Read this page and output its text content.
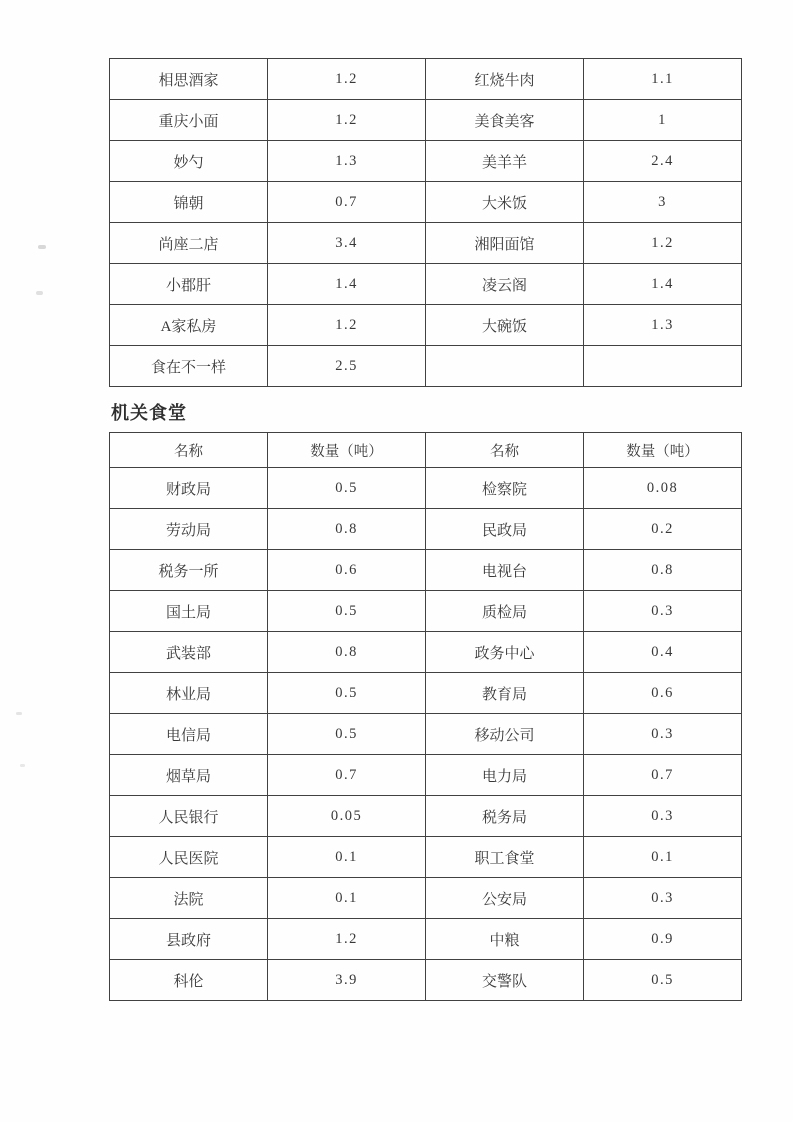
相思酒家	1.2	红烧牛肉	1.1
重庆小面	1.2	美食美客	1
妙勺	1.3	美羊羊	2.4
锦朝	0.7	大米饭	3
尚座二店	3.4	湘阳面馆	1.2
小郡肝	1.4	凌云阁	1.4
A家私房	1.2	大碗饭	1.3
食在不一样	2.5		
机关食堂
名称	数量（吨）	名称	数量（吨）
财政局	0.5	检察院	0.08
劳动局	0.8	民政局	0.2
税务一所	0.6	电视台	0.8
国土局	0.5	质检局	0.3
武装部	0.8	政务中心	0.4
林业局	0.5	教育局	0.6
电信局	0.5	移动公司	0.3
烟草局	0.7	电力局	0.7
人民银行	0.05	税务局	0.3
人民医院	0.1	职工食堂	0.1
法院	0.1	公安局	0.3
县政府	1.2	中粮	0.9
科伦	3.9	交警队	0.5
